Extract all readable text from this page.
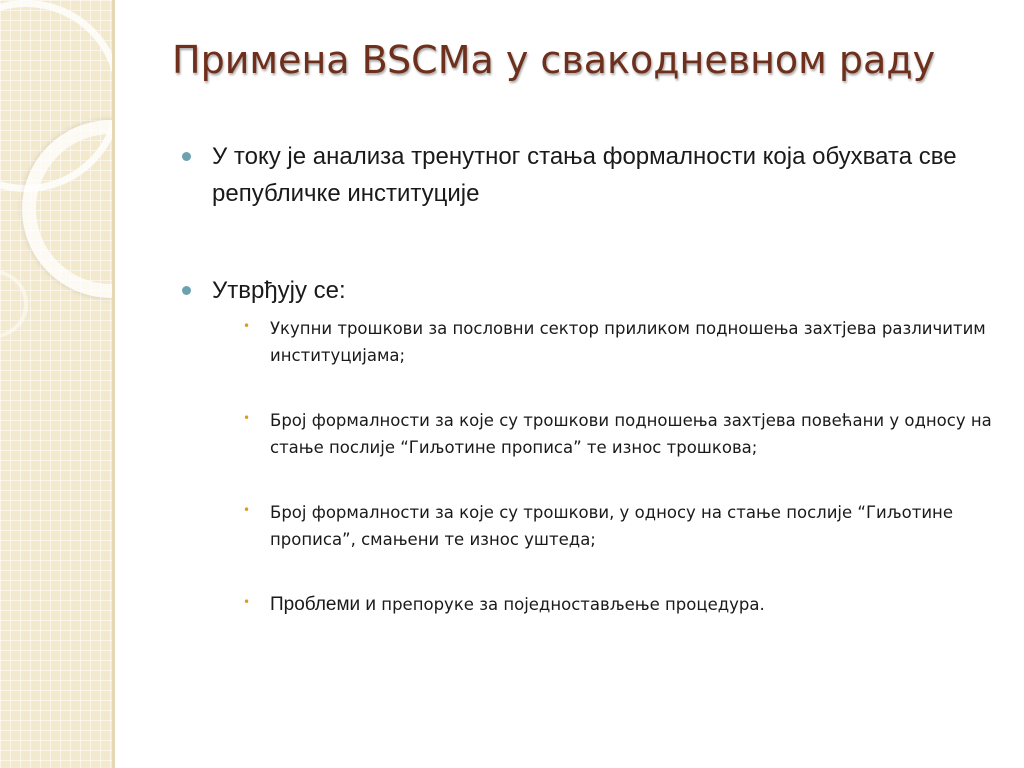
Примена BSCMа у свакодневном раду
У току је анализа тренутног стања формалности која обухвата све републичке институције
Утврђују се:
• Укупни трошкови за пословни сектор приликом подношења захтјева различитим институцијама;
• Број формалности за које су трошкови подношења захтјева повећани у односу на стање послије “Гиљотине прописа” те износ трошкова;
• Број формалности за које су трошкови, у односу на стање послије “Гиљотине прописа”, смањени те износ уштеда;
• Проблеми и препоруке за поједностављење процедура.
